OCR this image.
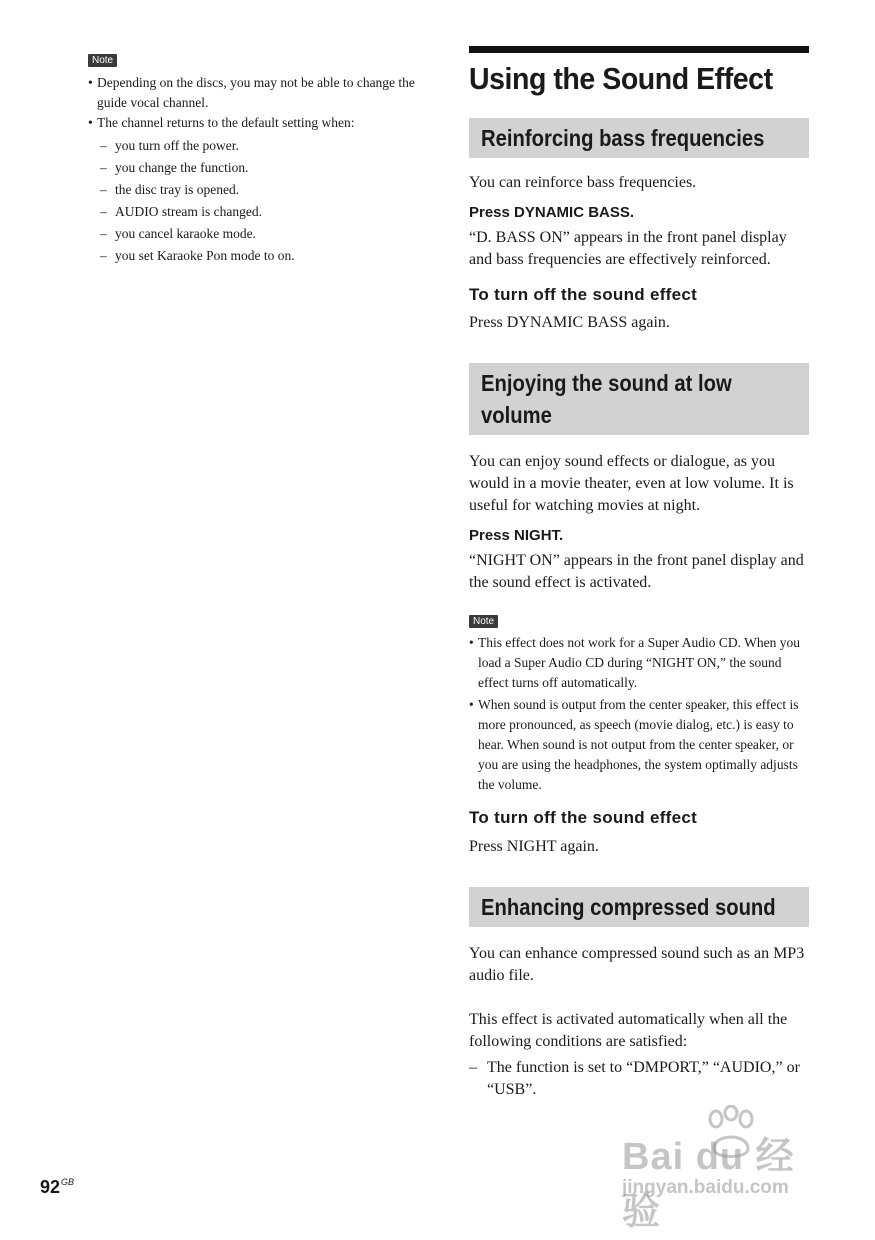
Note
• Depending on the discs, you may not be able to change the guide vocal channel.
• The channel returns to the default setting when:
– you turn off the power.
– you change the function.
– the disc tray is opened.
– AUDIO stream is changed.
– you cancel karaoke mode.
– you set Karaoke Pon mode to on.
Using the Sound Effect
Reinforcing bass frequencies

You can reinforce bass frequencies.

Press DYNAMIC BASS.

“D. BASS ON” appears in the front panel display and bass frequencies are effectively reinforced.

To turn off the sound effect

Press DYNAMIC BASS again.

Enjoying the sound at low
volume

You can enjoy sound effects or dialogue, as you would in a movie theater, even at low volume. It is useful for watching movies at night.

Press NIGHT.

“NIGHT ON” appears in the front panel display and the sound effect is activated.

Note
• This effect does not work for a Super Audio CD. When you load a Super Audio CD during “NIGHT ON,” the sound effect turns off automatically.
• When sound is output from the center speaker, this effect is more pronounced, as speech (movie dialog, etc.) is easy to hear. When sound is not output from the center speaker, or you are using the headphones, the system optimally adjusts the volume.

To turn off the sound effect

Press NIGHT again.

Enhancing compressed sound

You can enhance compressed sound such as an MP3 audio file.

This effect is activated automatically when all the following conditions are satisfied:

– The function is set to “DMPORT,” “AUDIO,” or “USB”.
$92^{GB}$
Bai du 经验
jingyan.baidu.com
